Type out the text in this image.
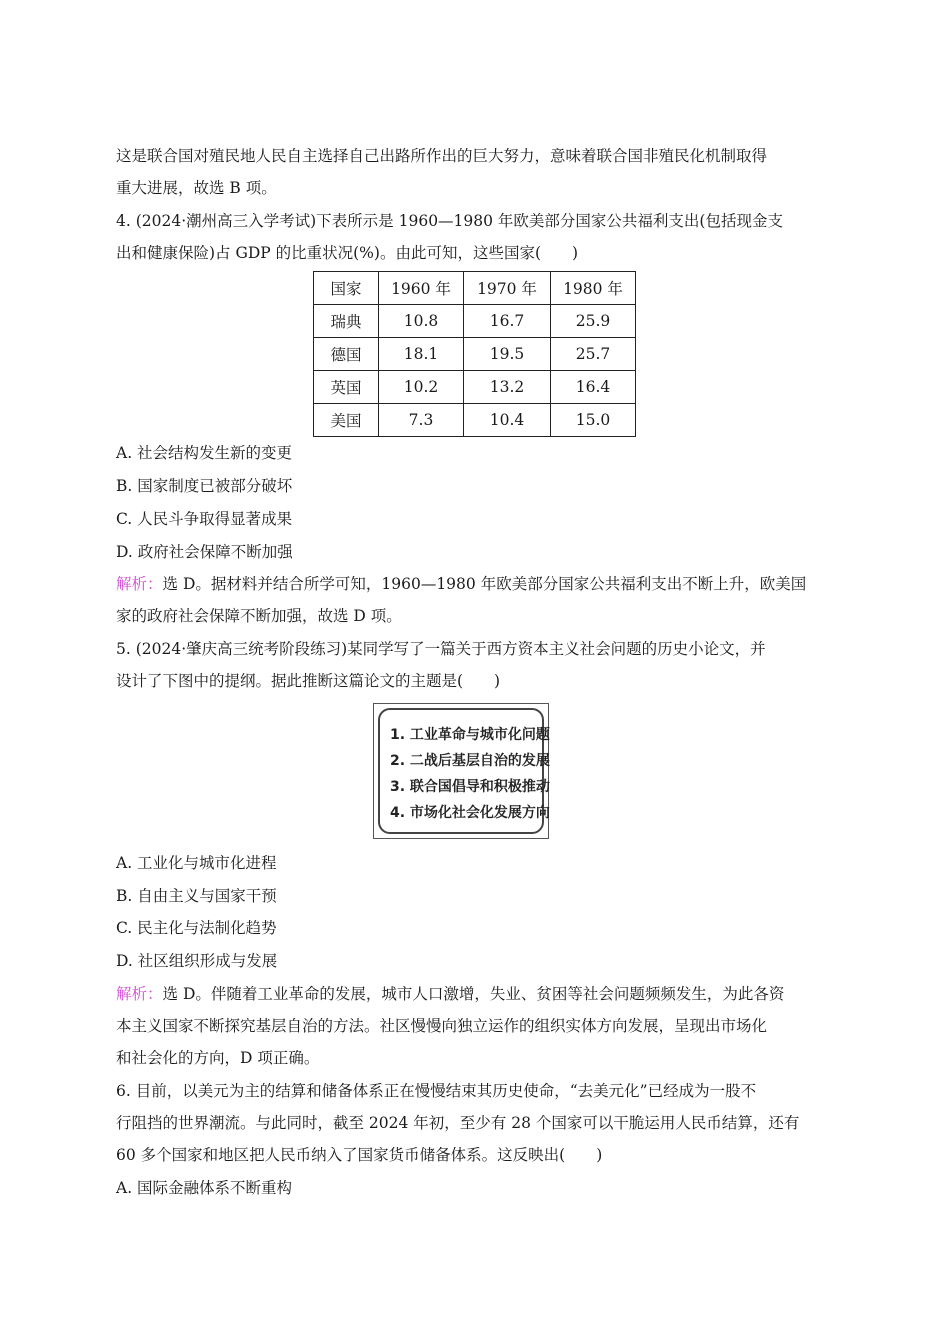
这是联合国对殖民地人民自主选择自己出路所作出的巨大努力，意味着联合国非殖民化机制取得
重大进展，故选 B 项。
4. (2024·潮州高三入学考试)下表所示是 1960—1980 年欧美部分国家公共福利支出(包括现金支
出和健康保险)占 GDP 的比重状况(%)。由此可知，这些国家(　　)
国家	1960 年	1970 年	1980 年
瑞典	10.8	16.7	25.9
德国	18.1	19.5	25.7
英国	10.2	13.2	16.4
美国	7.3	10.4	15.0
A. 社会结构发生新的变更
B. 国家制度已被部分破坏
C. 人民斗争取得显著成果
D. 政府社会保障不断加强
解析：选 D。据材料并结合所学可知，1960—1980 年欧美部分国家公共福利支出不断上升，欧美国
家的政府社会保障不断加强，故选 D 项。
5. (2024·肇庆高三统考阶段练习)某同学写了一篇关于西方资本主义社会问题的历史小论文，并
设计了下图中的提纲。据此推断这篇论文的主题是(　　)
1. 工业革命与城市化问题
2. 二战后基层自治的发展
3. 联合国倡导和积极推动
4. 市场化社会化发展方向
A. 工业化与城市化进程
B. 自由主义与国家干预
C. 民主化与法制化趋势
D. 社区组织形成与发展
解析：选 D。伴随着工业革命的发展，城市人口激增，失业、贫困等社会问题频频发生，为此各资
本主义国家不断探究基层自治的方法。社区慢慢向独立运作的组织实体方向发展，呈现出市场化
和社会化的方向，D 项正确。
6. 目前，以美元为主的结算和储备体系正在慢慢结束其历史使命，“去美元化”已经成为一股不
行阻挡的世界潮流。与此同时，截至 2024 年初，至少有 28 个国家可以干脆运用人民币结算，还有
60 多个国家和地区把人民币纳入了国家货币储备体系。这反映出(　　)
A. 国际金融体系不断重构
